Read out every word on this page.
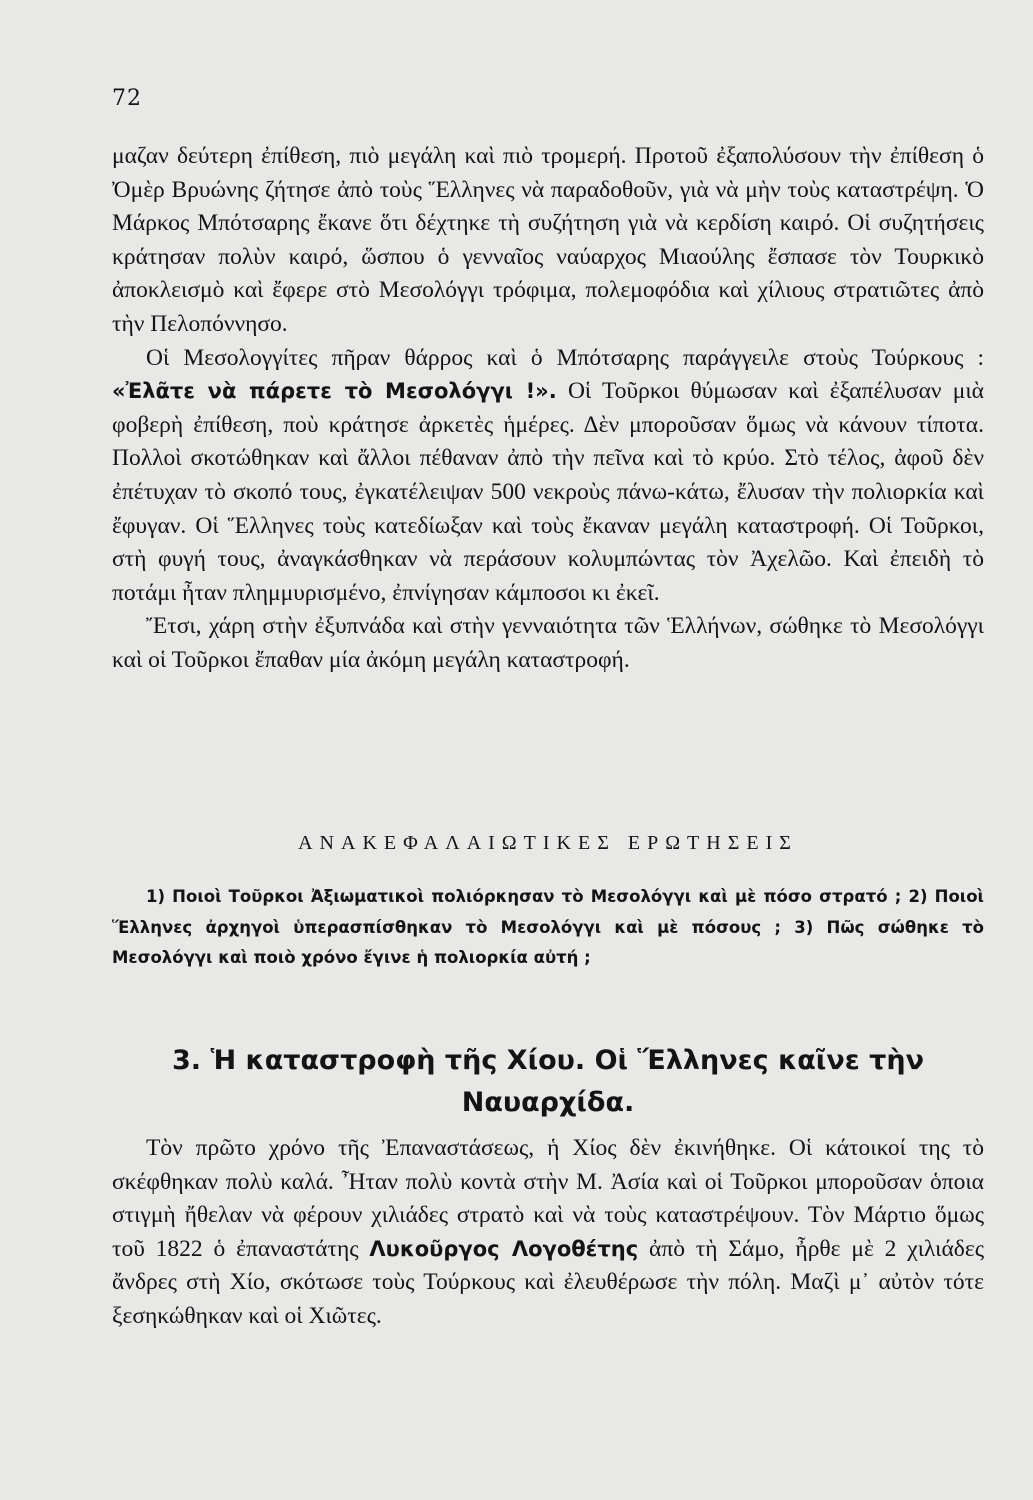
72

μαζαν δεύτερη ἐπίθεση, πιὸ μεγάλη καὶ πιὸ τρομερή. Προτοῦ ἐξαπολύσουν τὴν ἐπίθεση ὁ Ὀμὲρ Βρυώνης ζήτησε ἀπὸ τοὺς Ἕλληνες νὰ παραδοθοῦν, γιὰ νὰ μὴν τοὺς καταστρέψη. Ὁ Μάρκος Μπότσαρης ἔκανε ὅτι δέχτηκε τὴ συζήτηση γιὰ νὰ κερδίση καιρό. Οἱ συζητήσεις κράτησαν πολὺν καιρό, ὥσπου ὁ γενναῖος ναύαρχος Μιαούλης ἔσπασε τὸν Τουρκικὸ ἀποκλεισμὸ καὶ ἔφερε στὸ Μεσολόγγι τρόφιμα, πολεμοφόδια καὶ χίλιους στρατιῶτες ἀπὸ τὴν Πελοπόννησο.

Οἱ Μεσολογγίτες πῆραν θάρρος καὶ ὁ Μπότσαρης παράγγειλε στοὺς Τούρκους : «Ἐλᾶτε νὰ πάρετε τὸ Μεσολόγγι !». Οἱ Τοῦρκοι θύμωσαν καὶ ἐξαπέλυσαν μιὰ φοβερὴ ἐπίθεση, ποὺ κράτησε ἀρκετὲς ἡμέρες. Δὲν μποροῦσαν ὅμως νὰ κάνουν τίποτα. Πολλοὶ σκοτώθηκαν καὶ ἄλλοι πέθαναν ἀπὸ τὴν πεῖνα καὶ τὸ κρύο. Στὸ τέλος, ἀφοῦ δὲν ἐπέτυχαν τὸ σκοπό τους, ἐγκατέλειψαν 500 νεκροὺς πάνω-κάτω, ἔλυσαν τὴν πολιορκία καὶ ἔφυγαν. Οἱ Ἕλληνες τοὺς κατεδίωξαν καὶ τοὺς ἔκαναν μεγάλη καταστροφή. Οἱ Τοῦρκοι, στὴ φυγή τους, ἀναγκάσθηκαν νὰ περάσουν κολυμπώντας τὸν Ἀχελῶο. Καὶ ἐπειδὴ τὸ ποτάμι ἦταν πλημμυρισμένο, ἐπνίγησαν κάμποσοι κι ἐκεῖ.

Ἔτσι, χάρη στὴν ἐξυπνάδα καὶ στὴν γενναιότητα τῶν Ἑλλήνων, σώθηκε τὸ Μεσολόγγι καὶ οἱ Τοῦρκοι ἔπαθαν μία ἀκόμη μεγάλη καταστροφή.

ΑΝΑΚΕΦΑΛΑΙΩΤΙΚΕΣ ΕΡΩΤΗΣΕΙΣ

1) Ποιοὶ Τοῦρκοι Ἀξιωματικοὶ πολιόρκησαν τὸ Μεσολόγγι καὶ μὲ πόσο στρατό ; 2) Ποιοὶ Ἕλληνες ἀρχηγοὶ ὑπερασπίσθηκαν τὸ Μεσολόγγι καὶ μὲ πόσους ; 3) Πῶς σώθηκε τὸ Μεσολόγγι καὶ ποιὸ χρόνο ἔγινε ἡ πολιορκία αὐτή ;

3. Ἡ καταστροφὴ τῆς Χίου. Οἱ Ἕλληνες καῖνε τὴν Ναυαρχίδα.

Τὸν πρῶτο χρόνο τῆς Ἐπαναστάσεως, ἡ Χίος δὲν ἐκινήθηκε. Οἱ κάτοικοί της τὸ σκέφθηκαν πολὺ καλά. Ἦταν πολὺ κοντὰ στὴν Μ. Ἀσία καὶ οἱ Τοῦρκοι μποροῦσαν ὁποια στιγμὴ ἤθελαν νὰ φέρουν χιλιάδες στρατὸ καὶ νὰ τοὺς καταστρέψουν. Τὸν Μάρτιο ὅμως τοῦ 1822 ὁ ἐπαναστάτης Λυκοῦργος Λογοθέτης ἀπὸ τὴ Σάμο, ἦρθε μὲ 2 χιλιάδες ἄνδρες στὴ Χίο, σκότωσε τοὺς Τούρκους καὶ ἐλευθέρωσε τὴν πόλη. Μαζὶ μ᾿ αὐτὸν τότε ξεσηκώθηκαν καὶ οἱ Χιῶτες.
